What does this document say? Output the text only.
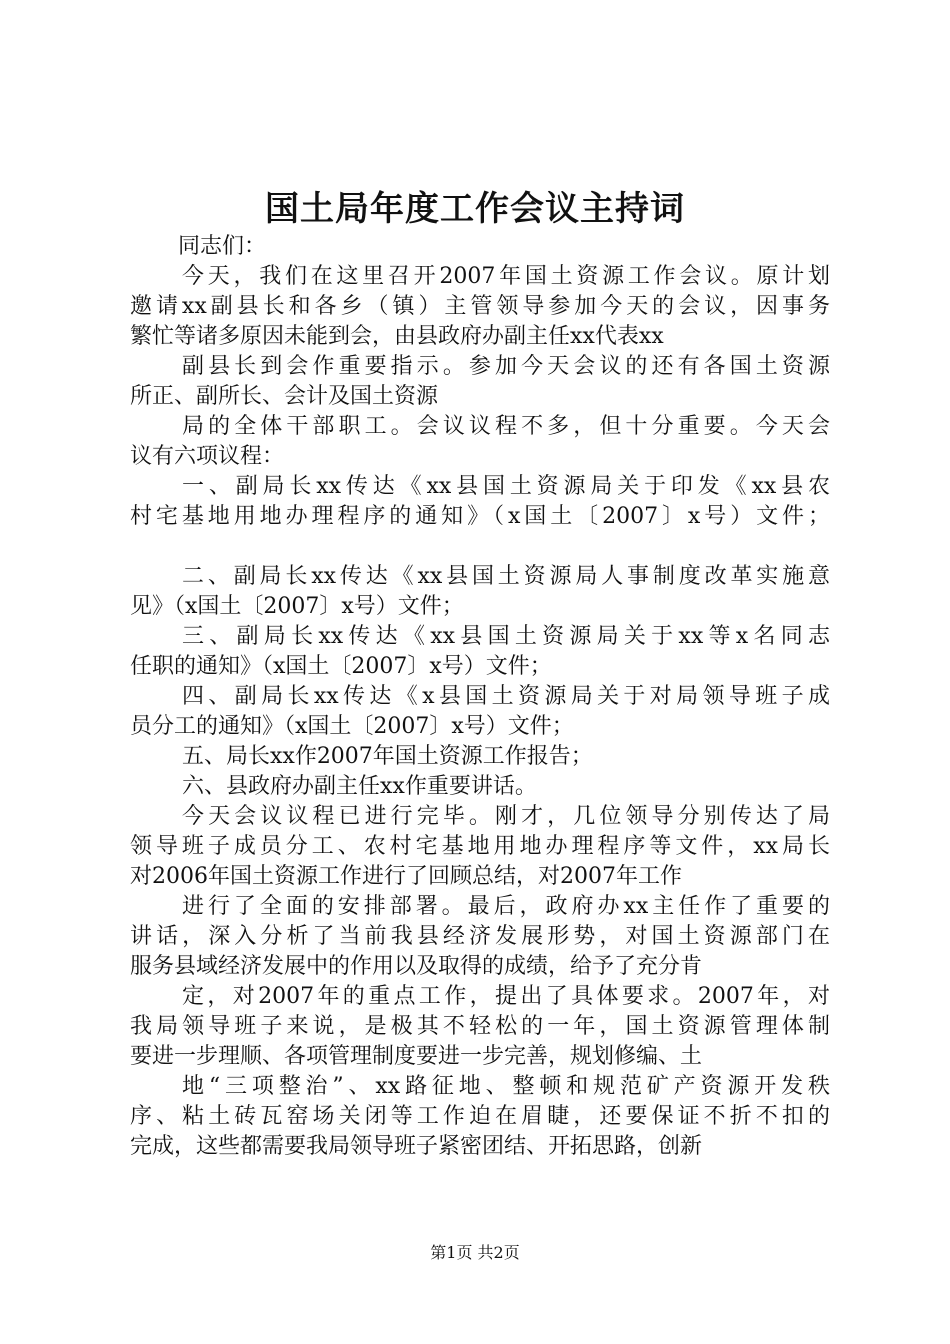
国土局年度工作会议主持词
同志们：
今天，我们在这里召开2007年国土资源工作会议。原计划
邀请xx副县长和各乡（镇）主管领导参加今天的会议，因事务
繁忙等诸多原因未能到会，由县政府办副主任xx代表xx
副县长到会作重要指示。参加今天会议的还有各国土资源
所正、副所长、会计及国土资源
局的全体干部职工。会议议程不多，但十分重要。今天会
议有六项议程：
一、副局长xx传达《xx县国土资源局关于印发《xx县农
村宅基地用地办理程序的通知》（x国土〔2007〕x号）文件；
二、副局长xx传达《xx县国土资源局人事制度改革实施意
见》（x国土〔2007〕x号）文件；
三、副局长xx传达《xx县国土资源局关于xx等x名同志
任职的通知》（x国土〔2007〕x号）文件；
四、副局长xx传达《x县国土资源局关于对局领导班子成
员分工的通知》（x国土〔2007〕x号）文件；
五、局长xx作2007年国土资源工作报告；
六、县政府办副主任xx作重要讲话。
今天会议议程已进行完毕。刚才，几位领导分别传达了局
领导班子成员分工、农村宅基地用地办理程序等文件，xx局长
对2006年国土资源工作进行了回顾总结，对2007年工作
进行了全面的安排部署。最后，政府办xx主任作了重要的
讲话，深入分析了当前我县经济发展形势，对国土资源部门在
服务县域经济发展中的作用以及取得的成绩，给予了充分肯
定，对2007年的重点工作，提出了具体要求。2007年，对
我局领导班子来说，是极其不轻松的一年，国土资源管理体制
要进一步理顺、各项管理制度要进一步完善，规划修编、土
地“三项整治”、xx路征地、整顿和规范矿产资源开发秩
序、粘土砖瓦窑场关闭等工作迫在眉睫，还要保证不折不扣的
完成，这些都需要我局领导班子紧密团结、开拓思路，创新
第1页 共2页
